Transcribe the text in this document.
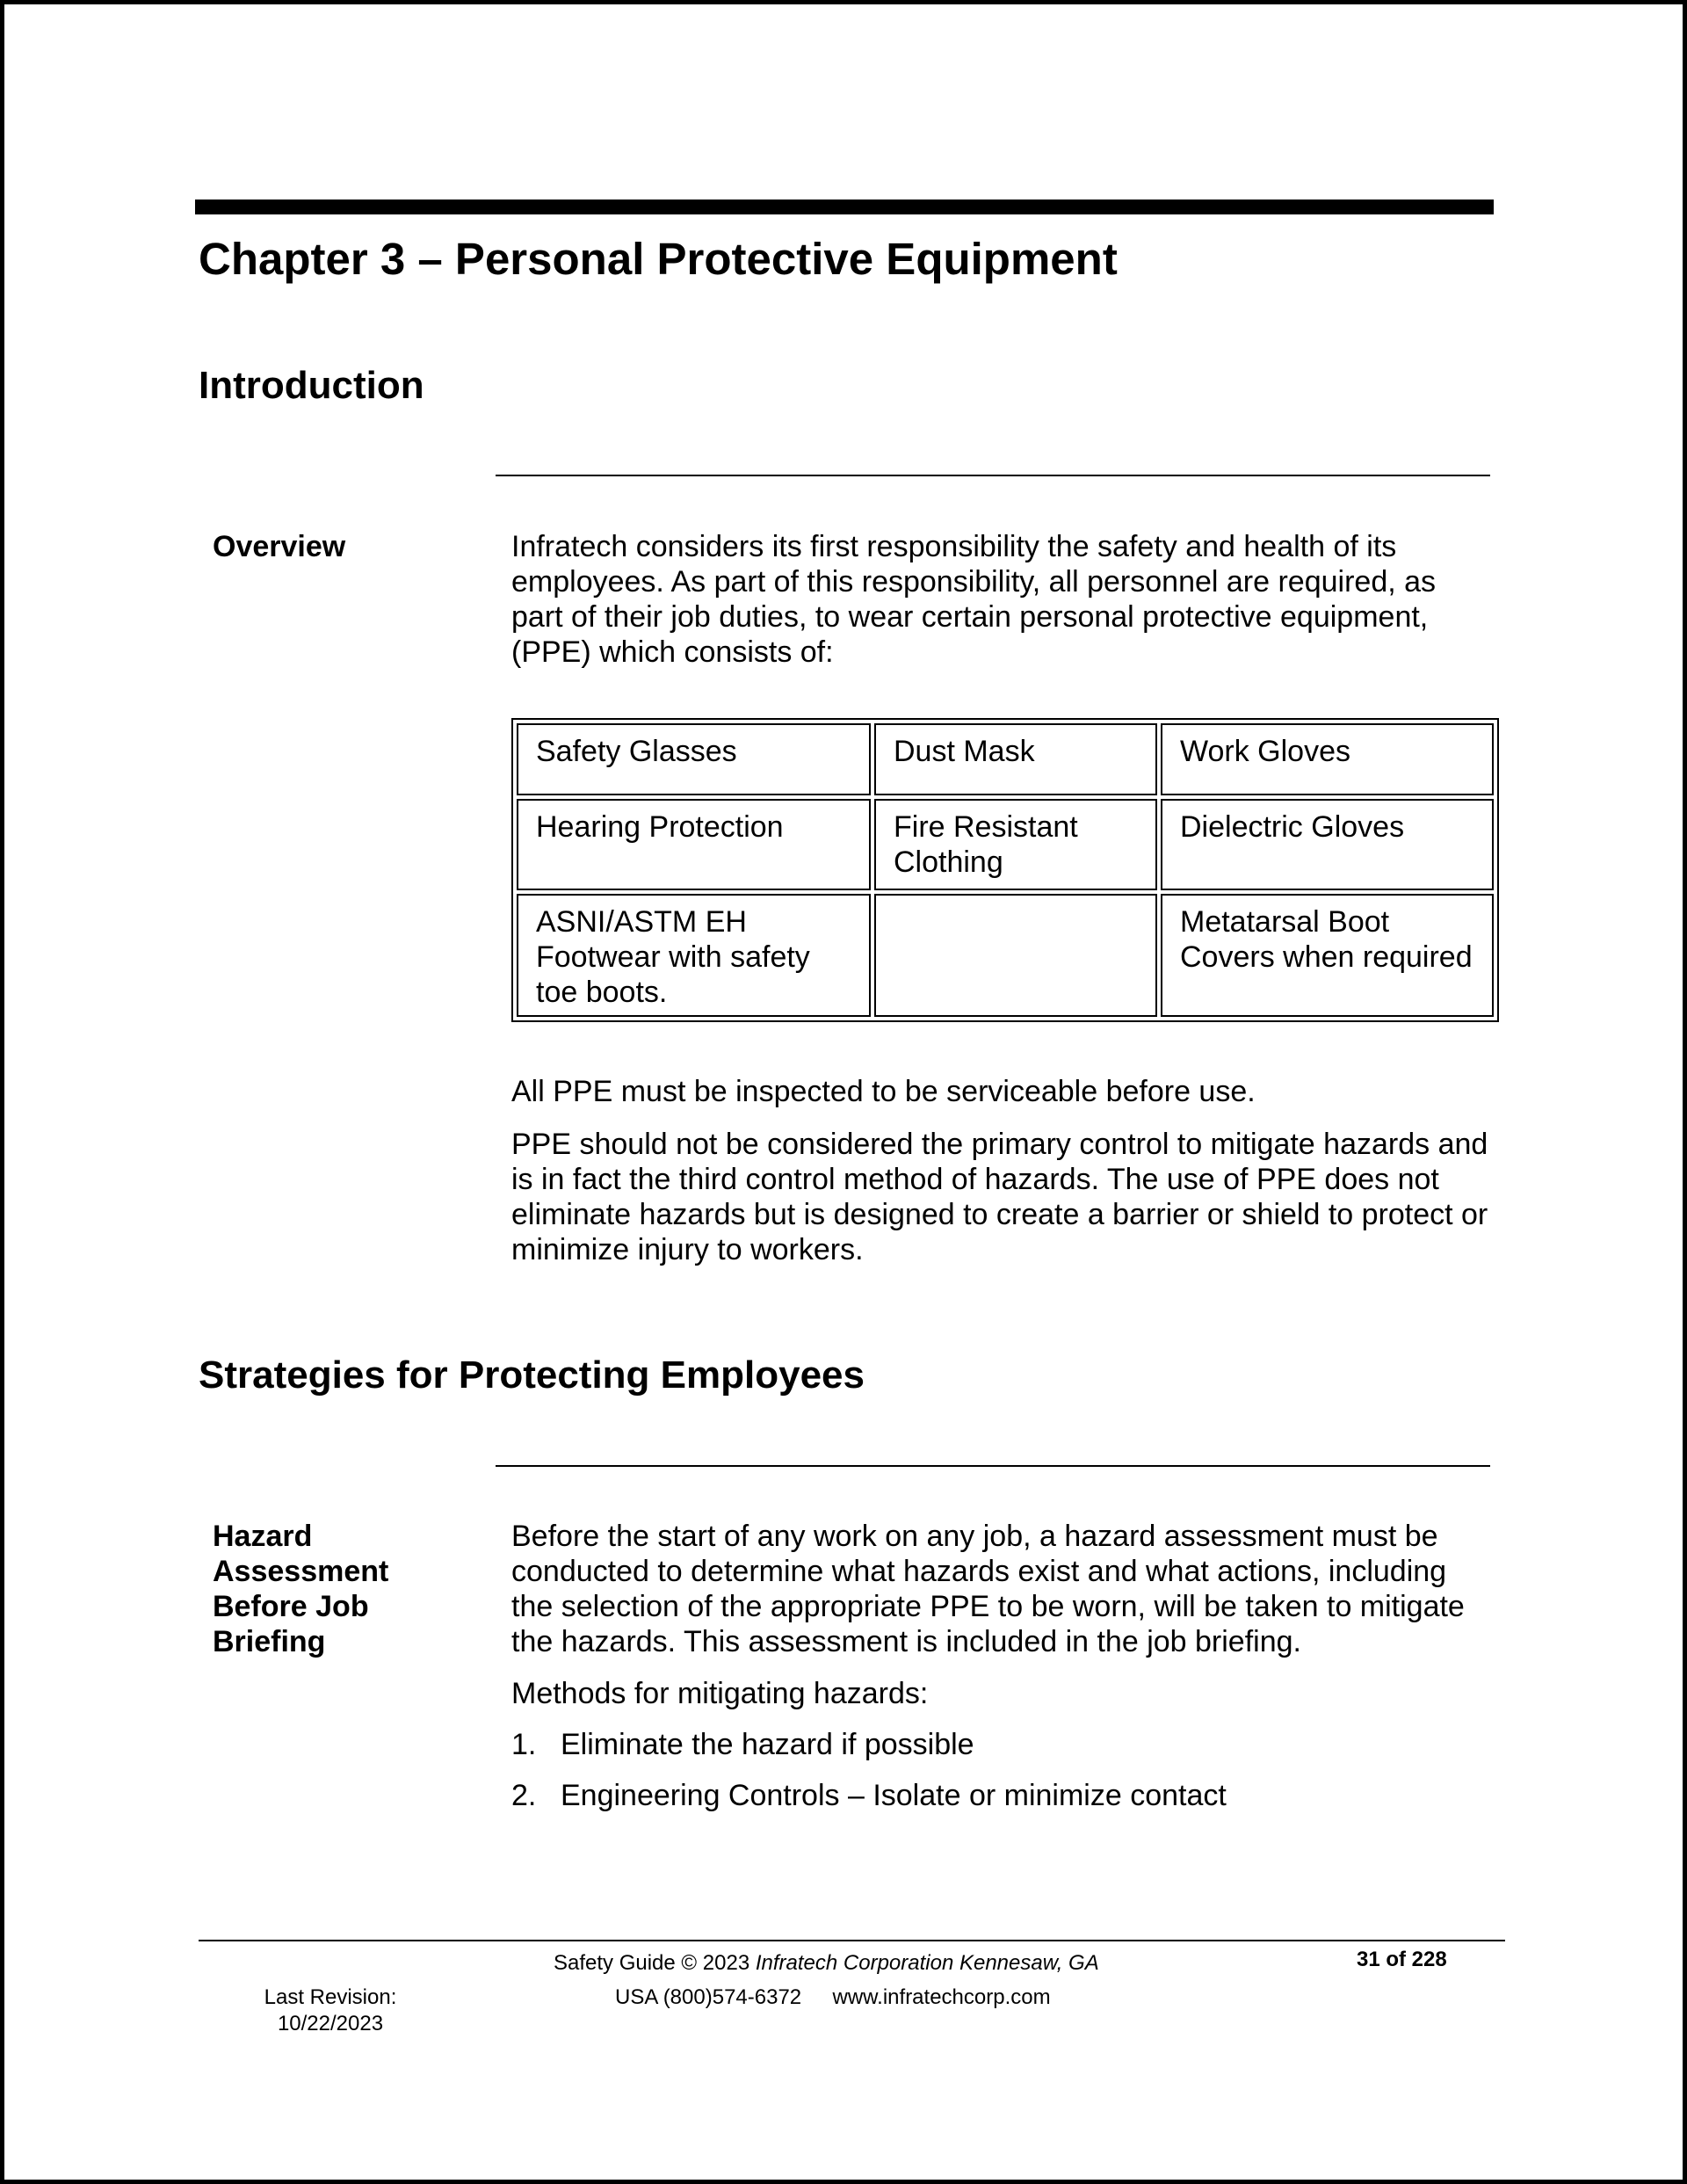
Chapter 3 – Personal Protective Equipment
Introduction
Overview	Infratech considers its first responsibility the safety and health of its employees. As part of this responsibility, all personnel are required, as part of their job duties, to wear certain personal protective equipment, (PPE) which consists of:

Safety Glasses	Dust Mask	Work Gloves
Hearing Protection	Fire Resistant Clothing	Dielectric Gloves
ASNI/ASTM EH Footwear with safety toe boots.		Metatarsal Boot Covers when required

All PPE must be inspected to be serviceable before use.

PPE should not be considered the primary control to mitigate hazards and is in fact the third control method of hazards. The use of PPE does not eliminate hazards but is designed to create a barrier or shield to protect or minimize injury to workers.

Strategies for Protecting Employees
Hazard Assessment Before Job Briefing

Before the start of any work on any job, a hazard assessment must be conducted to determine what hazards exist and what actions, including the selection of the appropriate PPE to be worn, will be taken to mitigate the hazards. This assessment is included in the job briefing.

Methods for mitigating hazards:

1. Eliminate the hazard if possible
2. Engineering Controls – Isolate or minimize contact
Safety Guide © 2023 Infratech Corporation Kennesaw, GA
USA (800)574-6372 www.infratechcorp.com
31 of 228
Last Revision:
10/22/2023
